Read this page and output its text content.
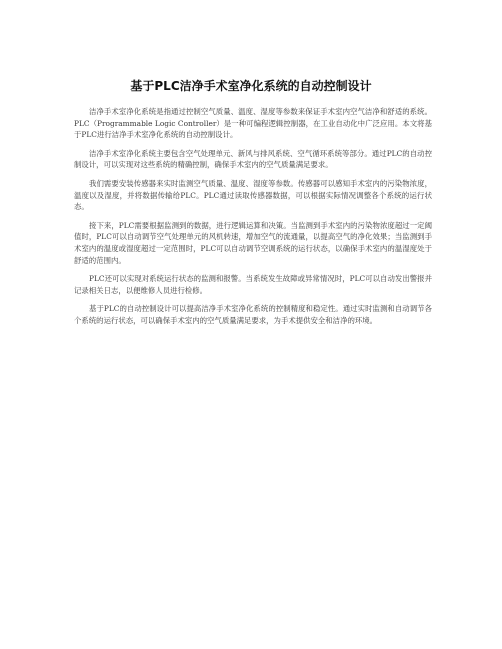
基于PLC洁净手术室净化系统的自动控制设计

洁净手术室净化系统是指通过控制空气质量、温度、湿度等参数来保证手术室内空气洁净和舒适的系统。PLC（Programmable Logic Controller）是一种可编程逻辑控制器，在工业自动化中广泛应用。本文将基于PLC进行洁净手术室净化系统的自动控制设计。

洁净手术室净化系统主要包含空气处理单元、新风与排风系统、空气循环系统等部分。通过PLC的自动控制设计，可以实现对这些系统的精确控制，确保手术室内的空气质量满足要求。

我们需要安装传感器来实时监测空气质量、温度、湿度等参数。传感器可以感知手术室内的污染物浓度，温度以及湿度，并将数据传输给PLC。PLC通过读取传感器数据，可以根据实际情况调整各个系统的运行状态。

接下来，PLC需要根据监测到的数据，进行逻辑运算和决策。当监测到手术室内的污染物浓度超过一定阈值时，PLC可以自动调节空气处理单元的风机转速，增加空气的流通量，以提高空气的净化效果；当监测到手术室内的温度或湿度超过一定范围时，PLC可以自动调节空调系统的运行状态，以确保手术室内的温湿度处于舒适的范围内。

PLC还可以实现对系统运行状态的监测和报警。当系统发生故障或异常情况时，PLC可以自动发出警报并记录相关日志，以便维修人员进行检修。

基于PLC的自动控制设计可以提高洁净手术室净化系统的控制精度和稳定性。通过实时监测和自动调节各个系统的运行状态，可以确保手术室内的空气质量满足要求，为手术提供安全和洁净的环境。
